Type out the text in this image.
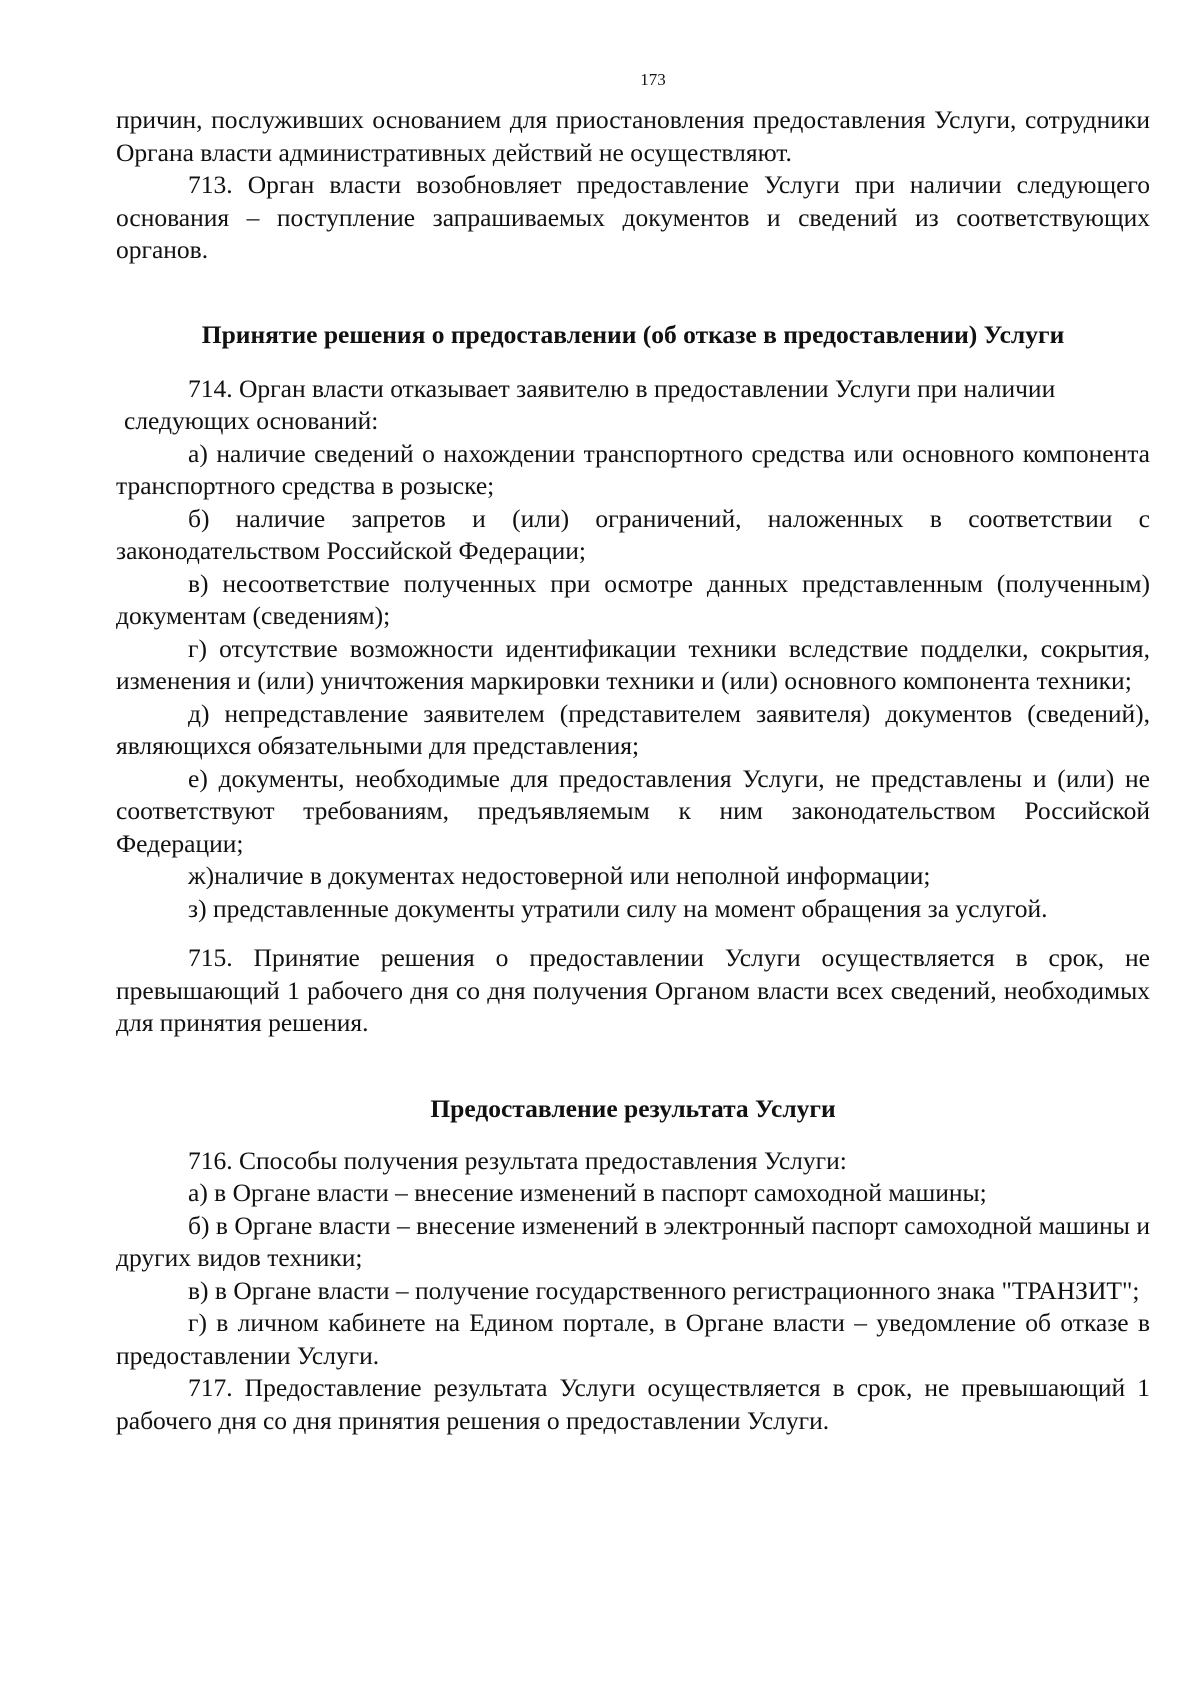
173

причин, послуживших основанием для приостановления предоставления Услуги, сотрудники Органа власти административных действий не осуществляют.

713. Орган власти возобновляет предоставление Услуги при наличии следующего основания – поступление запрашиваемых документов и сведений из соответствующих органов.

Принятие решения о предоставлении (об отказе в предоставлении) Услуги

714. Орган власти отказывает заявителю в предоставлении Услуги при наличии

следующих оснований:

а) наличие сведений о нахождении транспортного средства или основного компонента транспортного средства в розыске;

б) наличие запретов и (или) ограничений, наложенных в соответствии с законодательством Российской Федерации;

в) несоответствие полученных при осмотре данных представленным (полученным) документам (сведениям);

г) отсутствие возможности идентификации техники вследствие подделки, сокрытия, изменения и (или) уничтожения маркировки техники и (или) основного компонента техники;

д) непредставление заявителем (представителем заявителя) документов (сведений), являющихся обязательными для представления;

е) документы, необходимые для предоставления Услуги, не представлены и (или) не соответствуют требованиям, предъявляемым к ним законодательством Российской Федерации;

ж)наличие в документах недостоверной или неполной информации;

з) представленные документы утратили силу на момент обращения за услугой.

715. Принятие решения о предоставлении Услуги осуществляется в срок, не превышающий 1 рабочего дня со дня получения Органом власти всех сведений, необходимых для принятия решения.

Предоставление результата Услуги

716. Способы получения результата предоставления Услуги:

а) в Органе власти – внесение изменений в паспорт самоходной машины;

б) в Органе власти – внесение изменений в электронный паспорт самоходной машины и других видов техники;

в) в Органе власти – получение государственного регистрационного знака "ТРАНЗИТ";

г) в личном кабинете на Едином портале, в Органе власти – уведомление об отказе в предоставлении Услуги.

717. Предоставление результата Услуги осуществляется в срок, не превышающий 1 рабочего дня со дня принятия решения о предоставлении Услуги.
